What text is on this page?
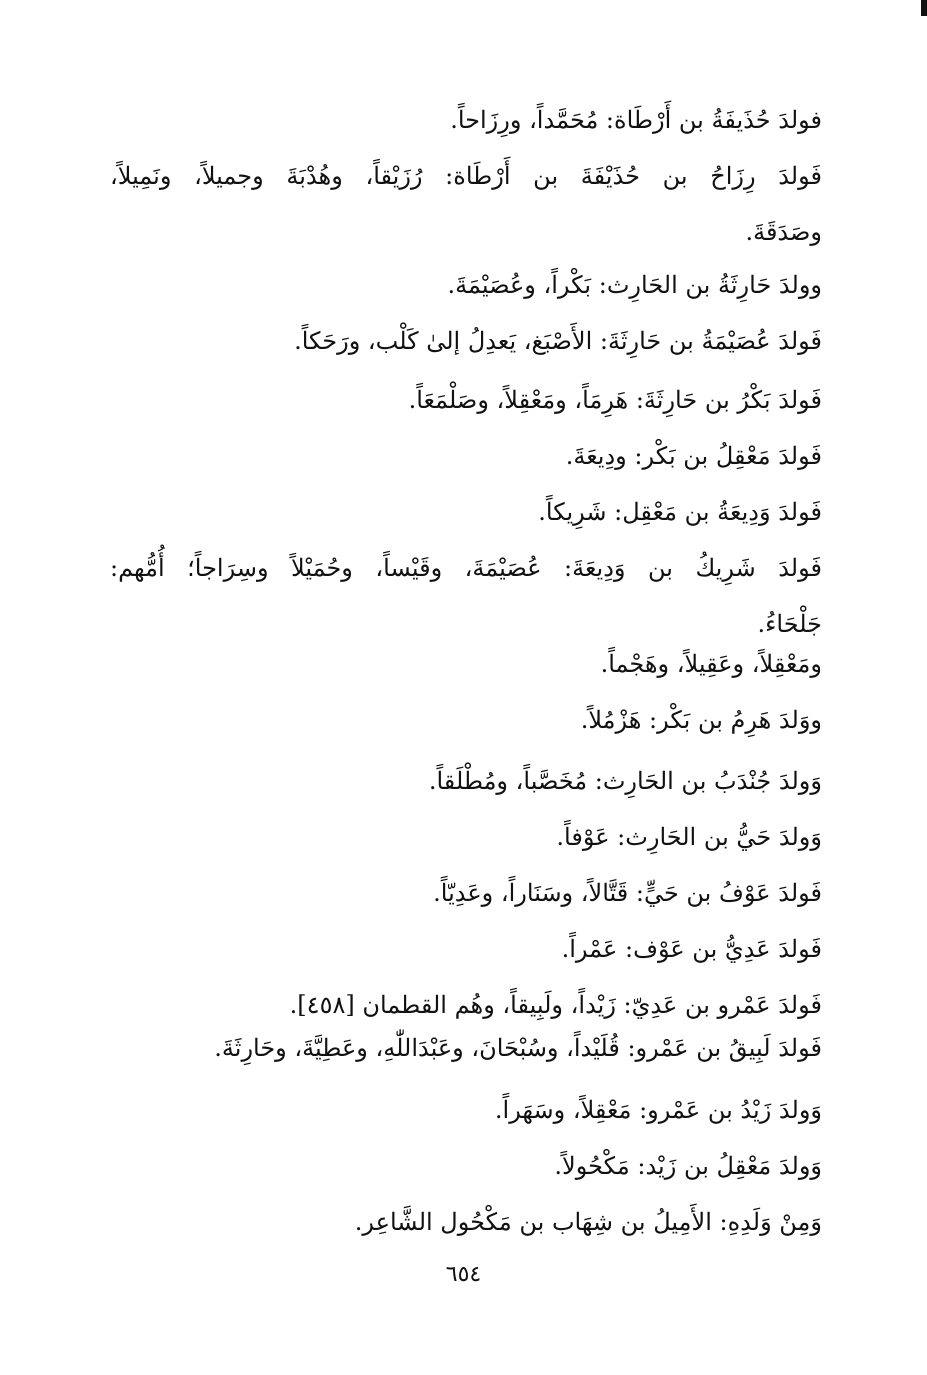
فولدَ حُذَيفَةُ بن أَرْطَاة: مُحَمَّداً، ورِزَاحاً.
فَولدَ رِزَاحُ بن حُذَيْفَةَ بن أَرْطَاة: رُزَيْقاً، وهُدْبَةَ وجميلاً، ونَمِيلاً،
وصَدَقَةَ.
وولدَ حَارِثَةُ بن الحَارِث: بَكْراً، وعُصَيْمَةَ.
فَولدَ عُصَيْمَةُ بن حَارِثَةَ: الأَصْبَغ، يَعدِلُ إلىٰ كَلْب، ورَحَكاً.
فَولدَ بَكْرُ بن حَارِثَةَ: هَرِمَاً، ومَعْقِلاً، وصَلْمَعَاً.
فَولدَ مَعْقِلُ بن بَكْر: ودِيعَةَ.
فَولدَ وَدِيعَةُ بن مَعْقِل: شَرِيكاً.
فَولدَ شَرِيكُ بن وَدِيعَةَ: عُصَيْمَةَ، وقَيْساً، وحُمَيْلاً وسِرَاجاً؛ أُمُّهم:
جَلْحَاءُ.
ومَعْقِلاً، وعَقِيلاً، وهَجْماً.
ووَلدَ هَرِمُ بن بَكْر: هَزْمُلاً.
وَولدَ جُنْدَبُ بن الحَارِث: مُخَصَّباً، ومُطْلَقاً.
وَولدَ حَيُّ بن الحَارِث: عَوْفاً.
فَولدَ عَوْفُ بن حَيٍّ: قَتَّالاً، وسَنَاراً، وعَدِيّاً.
فَولدَ عَدِيُّ بن عَوْف: عَمْراً.
فَولدَ عَمْرو بن عَدِيّ: زَيْداً، ولَبِيقاً، وهُم القطمان [٤٥٨].
فَولدَ لَبِيقُ بن عَمْرو: قُلَيْداً، وسُبْحَانَ، وعَبْدَاللّٰهِ، وعَطِيَّةَ، وحَارِثَةَ.
وَولدَ زَيْدُ بن عَمْرو: مَعْقِلاً، وسَهَراً.
وَولدَ مَعْقِلُ بن زَيْد: مَكْحُولاً.
وَمِنْ وَلَدِهِ: الأَمِيلُ بن شِهَاب بن مَكْحُول الشَّاعِر.
٦٥٤
